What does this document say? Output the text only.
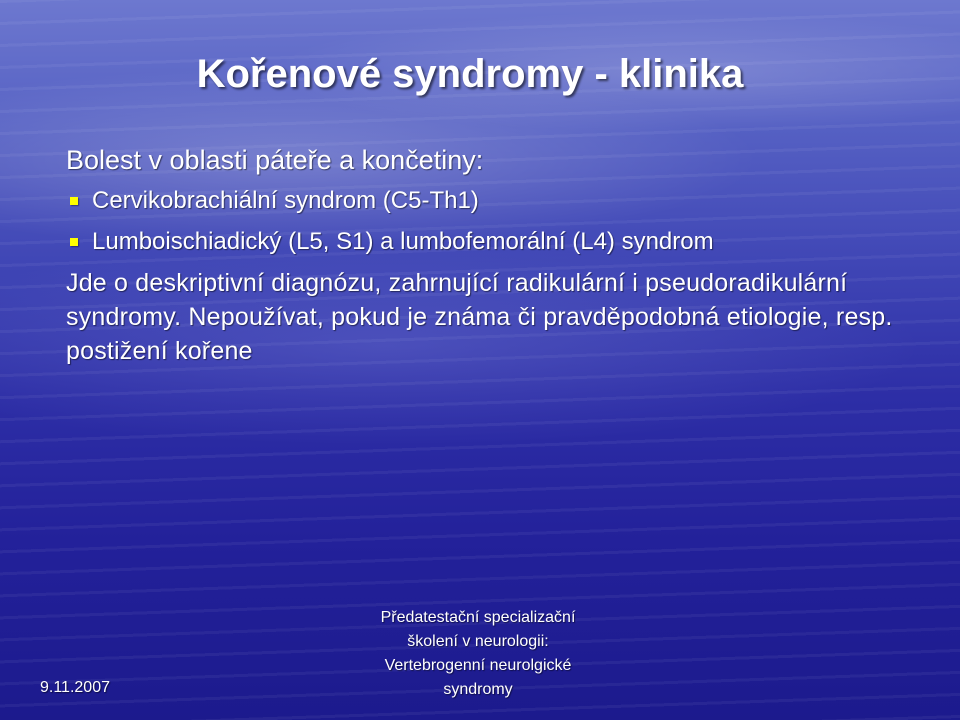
Kořenové syndromy - klinika

Bolest v oblasti páteře a končetiny:

Cervikobrachiální syndrom (C5-Th1)
Lumboischiadický (L5, S1) a lumbofemorální (L4) syndrom

Jde o deskriptivní diagnózu, zahrnující radikulární i pseudoradikulární syndromy. Nepoužívat, pokud je známa či pravděpodobná etiologie, resp. postižení kořene

9.11.2007
Předatestační specializační
školení v neurologii:
Vertebrogenní neurolgické
syndromy
